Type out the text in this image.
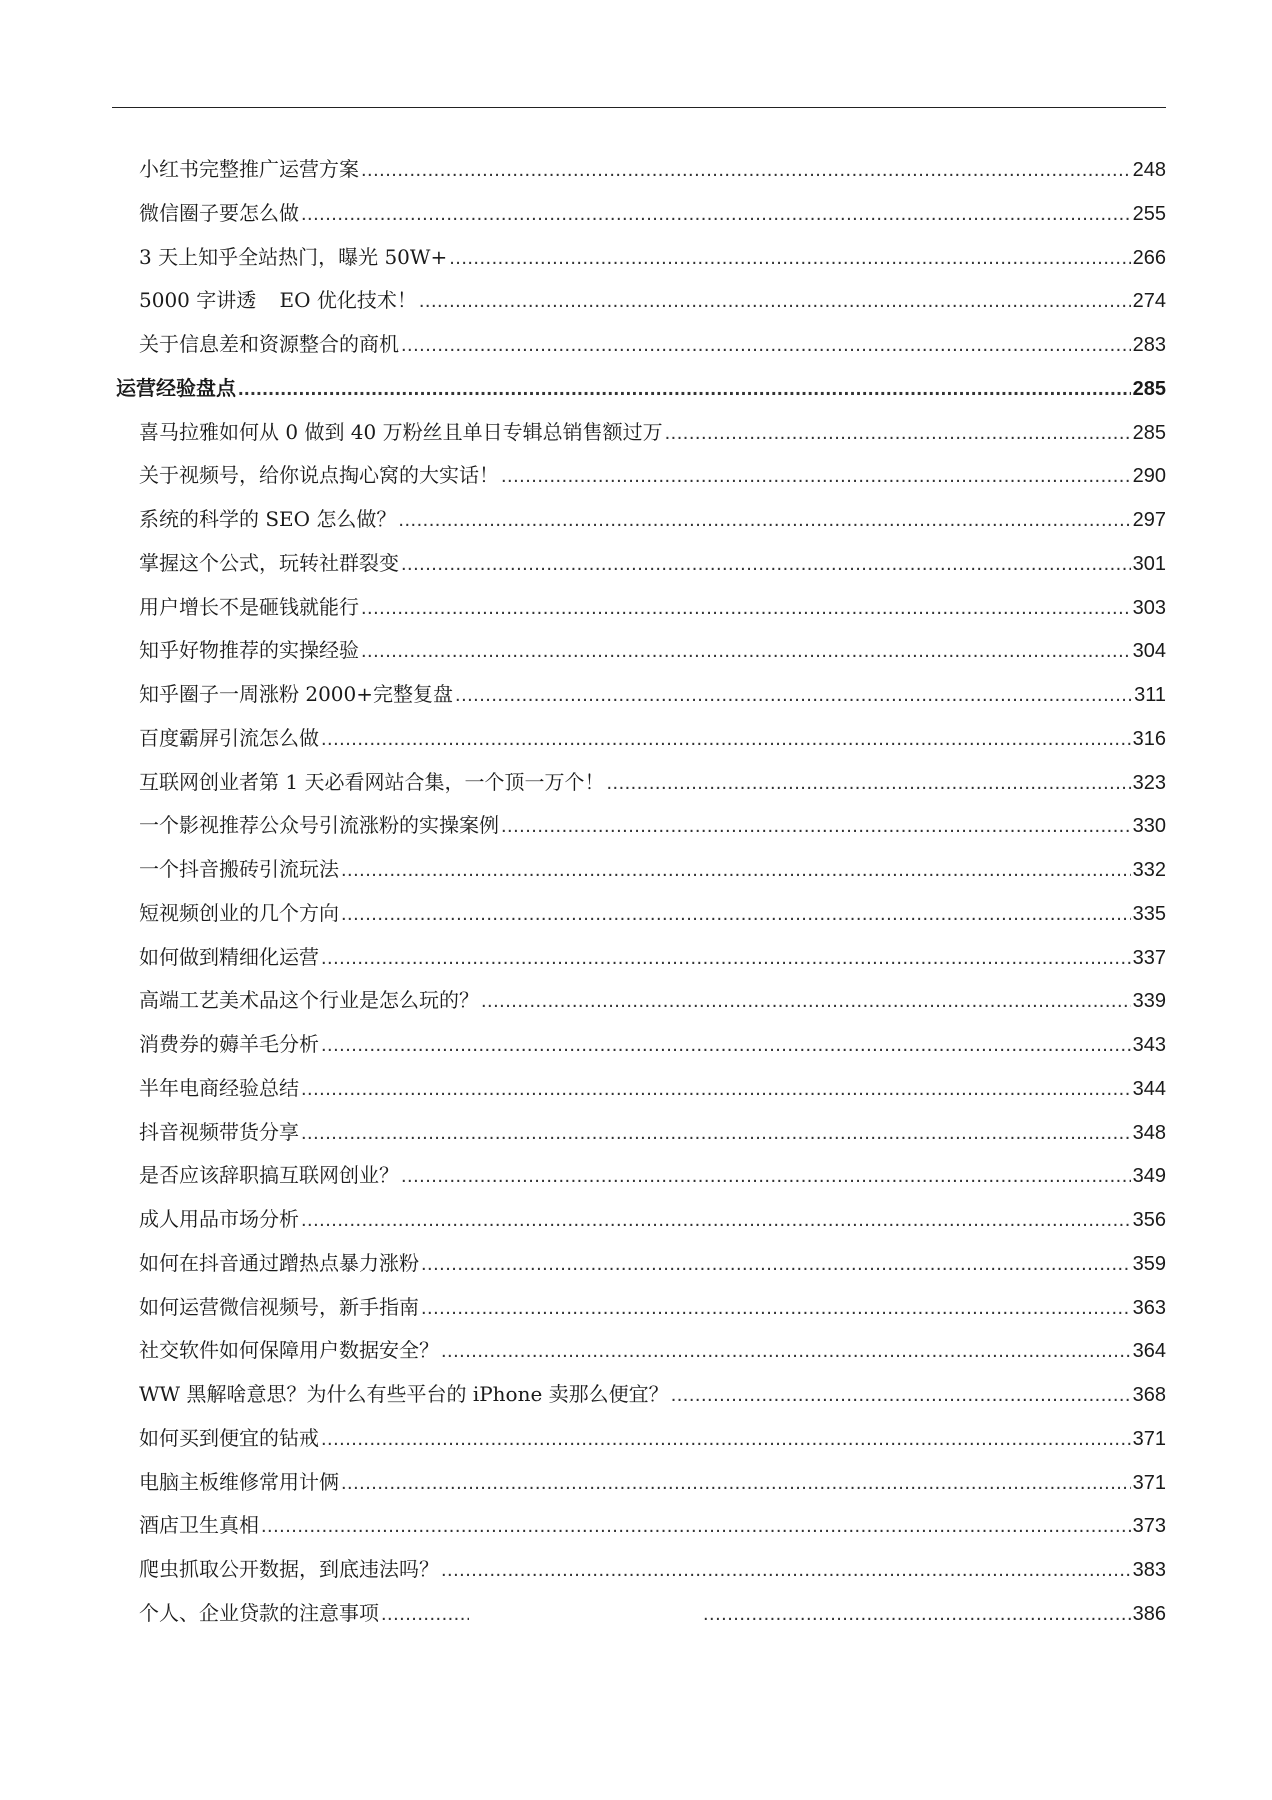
小红书完整推广运营方案 .....	248
微信圈子要怎么做 .....	255
3 天上知乎全站热门，曝光 50W+ .....	266
5000 字讲透 EO 优化技术！ .....	274
关于信息差和资源整合的商机 .....	283
运营经验盘点 .....	285
喜马拉雅如何从 0 做到 40 万粉丝且单日专辑总销售额过万 .....	285
关于视频号，给你说点掏心窝的大实话！ .....	290
系统的科学的 SEO 怎么做？ .....	297
掌握这个公式，玩转社群裂变 .....	301
用户增长不是砸钱就能行 .....	303
知乎好物推荐的实操经验 .....	304
知乎圈子一周涨粉 2000+完整复盘 .....	311
百度霸屏引流怎么做 .....	316
互联网创业者第 1 天必看网站合集，一个顶一万个！ .....	323
一个影视推荐公众号引流涨粉的实操案例 .....	330
一个抖音搬砖引流玩法 .....	332
短视频创业的几个方向 .....	335
如何做到精细化运营 .....	337
高端工艺美术品这个行业是怎么玩的？ .....	339
消费券的薅羊毛分析 .....	343
半年电商经验总结 .....	344
抖音视频带货分享 .....	348
是否应该辞职搞互联网创业？ .....	349
成人用品市场分析 .....	356
如何在抖音通过蹭热点暴力涨粉 .....	359
如何运营微信视频号，新手指南 .....	363
社交软件如何保障用户数据安全？ .....	364
WW 黑解啥意思？为什么有些平台的 iPhone 卖那么便宜？ .....	368
如何买到便宜的钻戒 .....	371
电脑主板维修常用计俩 .....	371
酒店卫生真相 .....	373
爬虫抓取公开数据，到底违法吗？ .....	383
个人、企业贷款的注意事项 ..... .....	386
